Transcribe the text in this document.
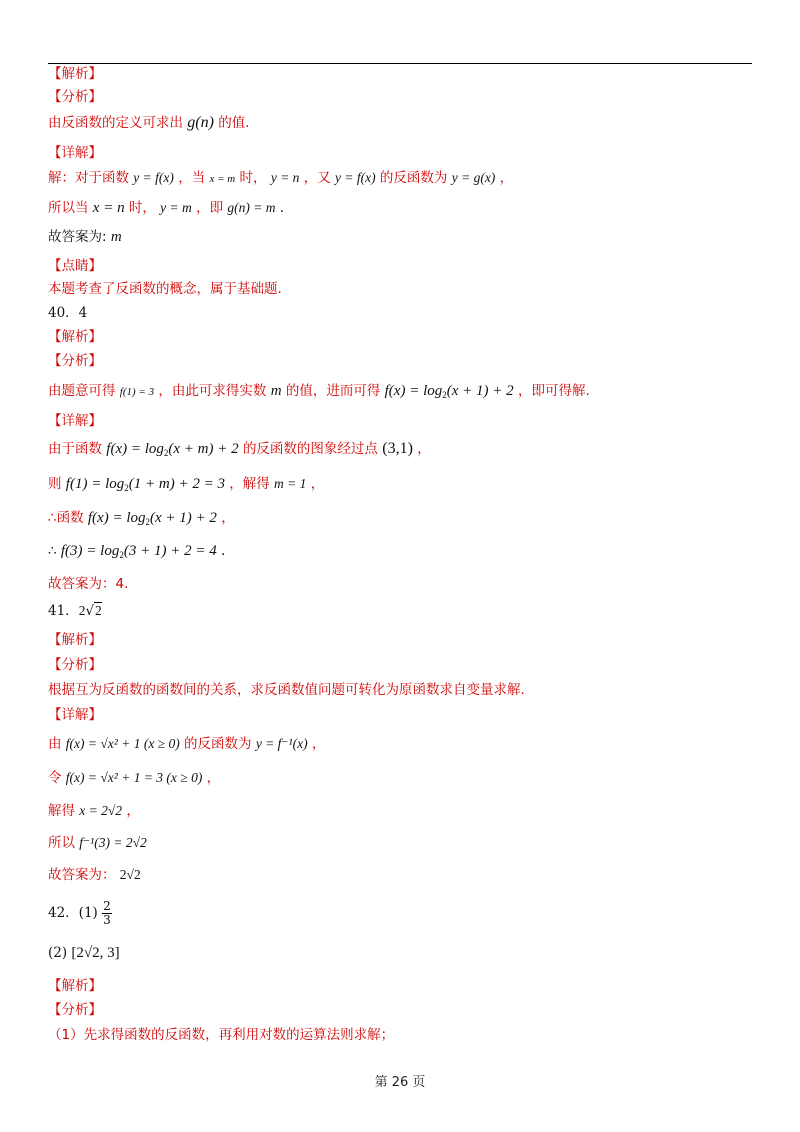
【解析】
【分析】
由反函数的定义可求出 g(n) 的值.
【详解】
解：对于函数 y = f(x) ，当 x = m 时， y = n ，又 y = f(x) 的反函数为 y = g(x) ，
所以当 x = n 时， y = m ，即 g(n) = m .
故答案为: m
【点睛】
本题考查了反函数的概念，属于基础题.
40．4
【解析】
【分析】
由题意可得 f(1) = 3 ，由此可求得实数 m 的值，进而可得 $f(x) = \log_2(x + 1) + 2$ ，即可得解.
【详解】
由于函数 $f(x) = \log_2(x + m) + 2$ 的反函数的图象经过点 (3,1) ，
则 $f(1) = \log_2(1 + m) + 2 = 3$ ，解得 m = 1 ，
∴函数 $f(x) = \log_2(x + 1) + 2$ ，
∴ $f(3) = \log_2(3 + 1) + 2 = 4$ .
故答案为：4.
41．2√2
【解析】
【分析】
根据互为反函数的函数间的关系，求反函数值问题可转化为原函数求自变量求解.
【详解】
由 f(x) = √x² + 1 (x ≥ 0) 的反函数为 y = f⁻¹(x) ，
令 f(x) = √x² + 1 = 3 (x ≥ 0) ，
解得 x = 2√2 ，
所以 f⁻¹(3) = 2√2
故答案为： 2√2
42．$(1) \frac{2}{3}$
(2) [2√2, 3]
【解析】
【分析】
（1）先求得函数的反函数，再利用对数的运算法则求解；
第 26 页
